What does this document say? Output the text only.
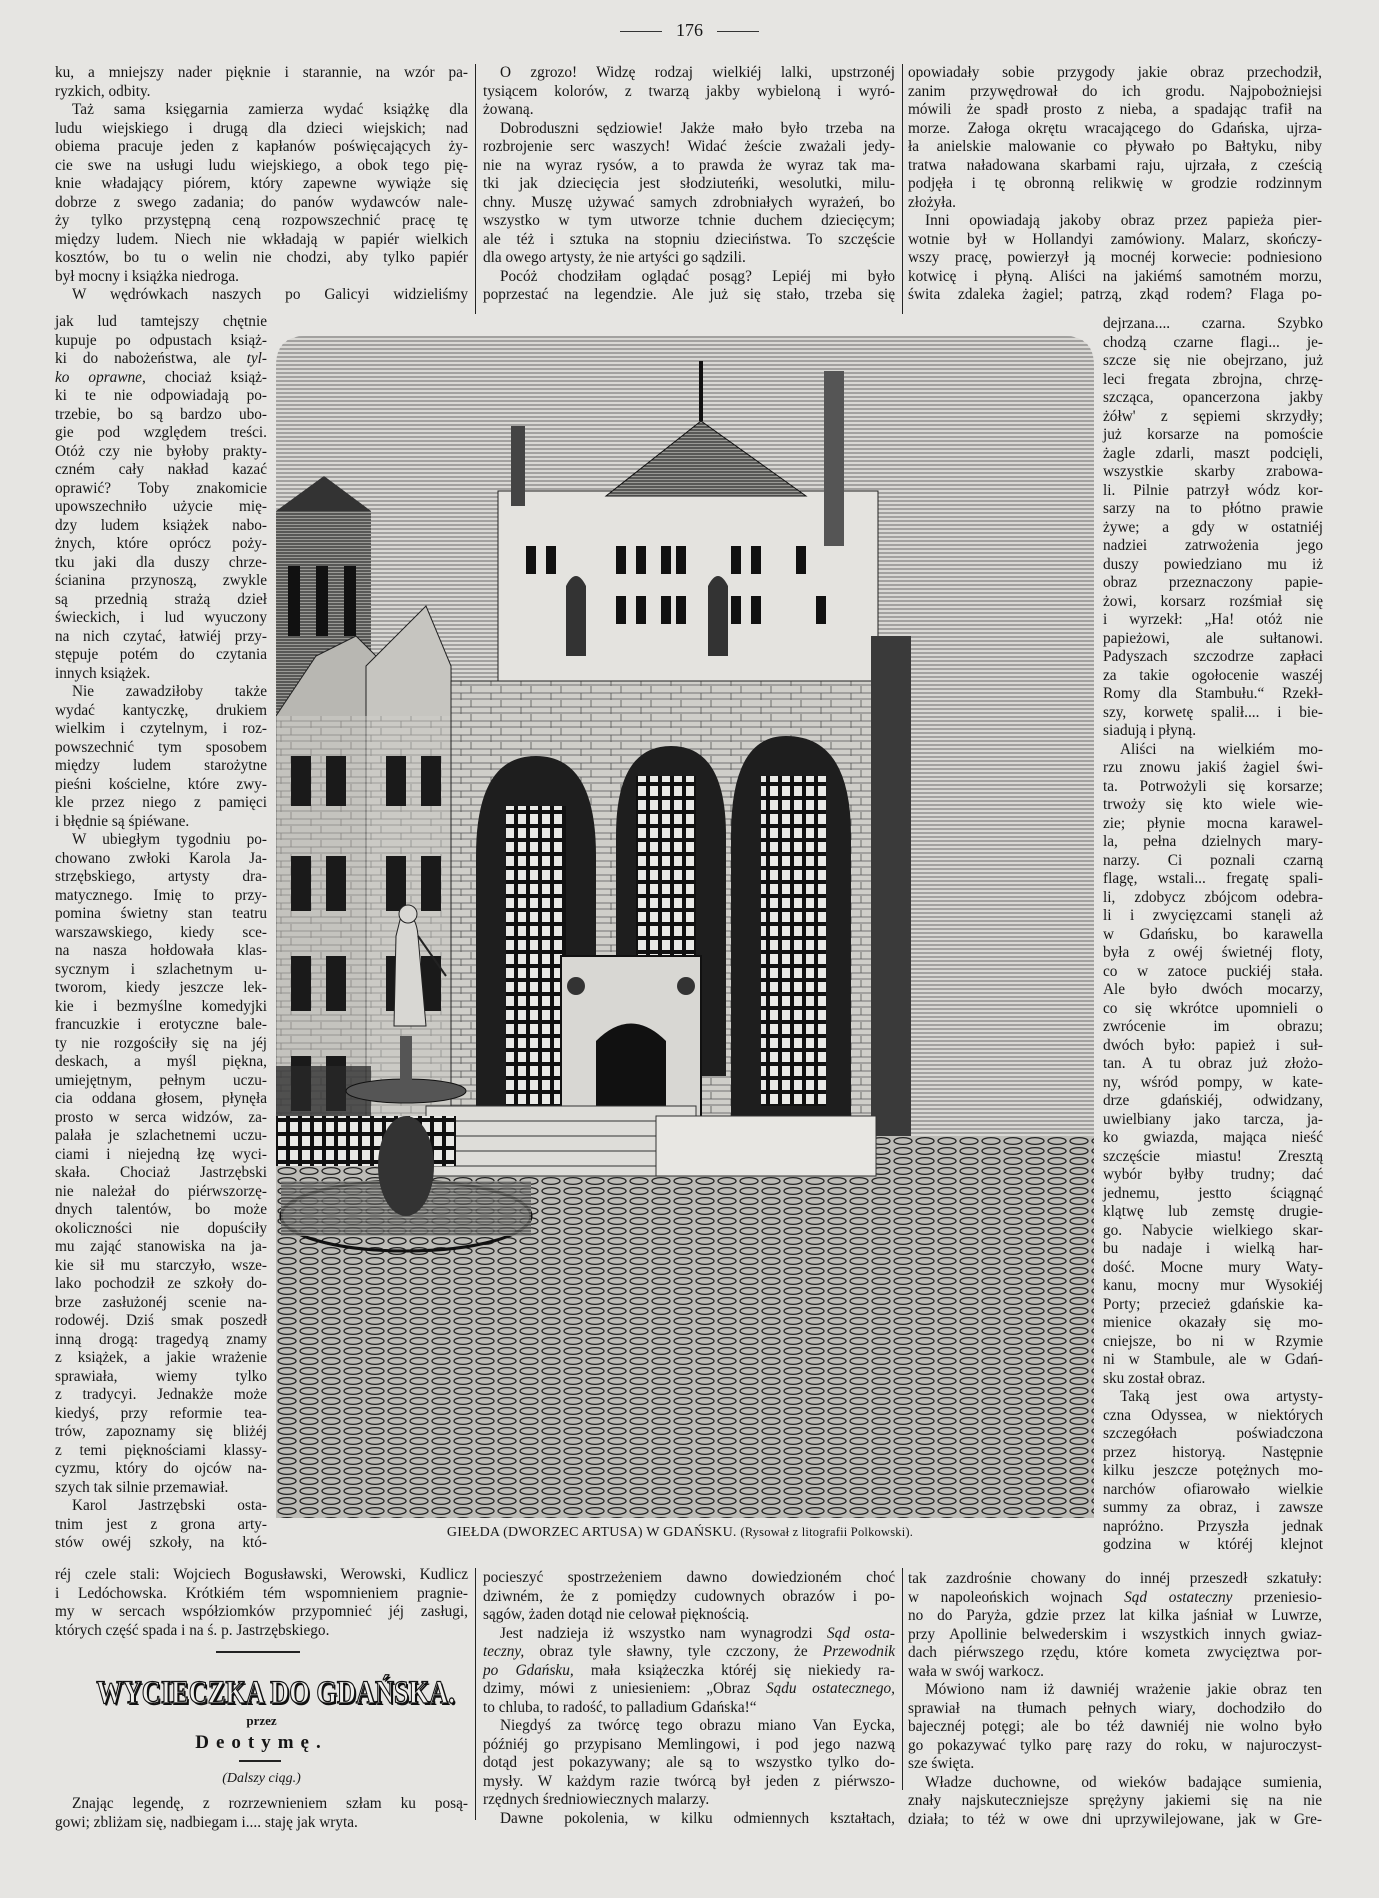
176
ku, a mniejszy nader pięknie i starannie, na wzór pa-
ryzkich, odbity.
Taż sama księgarnia zamierza wydać książkę dla
ludu wiejskiego i drugą dla dzieci wiejskich; nad
obiema pracuje jeden z kapłanów poświęcających ży-
cie swe na usługi ludu wiejskiego, a obok tego pię-
knie władający piórem, który zapewne wywiąże się
dobrze z swego zadania; do panów wydawców nale-
ży tylko przystępną ceną rozpowszechnić pracę tę
między ludem. Niech nie wkładają w papiér wielkich
kosztów, bo tu o welin nie chodzi, aby tylko papiér
był mocny i książka niedroga.
W wędrówkach naszych po Galicyi widzieliśmy
jak lud tamtejszy chętnie
kupuje po odpustach książ-
ki do nabożeństwa, ale tyl-
ko oprawne, chociaż książ-
ki te nie odpowiadają po-
trzebie, bo są bardzo ubo-
gie pod względem treści.
Otóż czy nie byłoby prakty-
czném cały nakład kazać
oprawić? Toby znakomicie
upowszechniło użycie mię-
dzy ludem książek nabo-
żnych, które oprócz poży-
tku jaki dla duszy chrze-
ścianina przynoszą, zwykle
są przednią strażą dzieł
świeckich, i lud wyuczony
na nich czytać, łatwiéj przy-
stępuje potém do czytania
innych książek.
Nie zawadziłoby także
wydać kantyczkę, drukiem
wielkim i czytelnym, i roz-
powszechnić tym sposobem
między ludem starożytne
pieśni kościelne, które zwy-
kle przez niego z pamięci
i błędnie są śpiéwane.
W ubiegłym tygodniu po-
chowano zwłoki Karola Ja-
strzębskiego, artysty dra-
matycznego. Imię to przy-
pomina świetny stan teatru
warszawskiego, kiedy sce-
na nasza hołdowała klas-
sycznym i szlachetnym u-
tworom, kiedy jeszcze lek-
kie i bezmyślne komedyjki
francuzkie i erotyczne bale-
ty nie rozgościły się na jéj
deskach, a myśl piękna,
umiejętnym, pełnym uczu-
cia oddana głosem, płynęła
prosto w serca widzów, za-
palała je szlachetnemi uczu-
ciami i niejedną łzę wyci-
skała. Chociaż Jastrzębski
nie należał do piérwszorzę-
dnych talentów, bo może
okoliczności nie dopuściły
mu zająć stanowiska na ja-
kie sił mu starczyło, wsze-
lako pochodził ze szkoły do-
brze zasłużonéj scenie na-
rodowéj. Dziś smak poszedł
inną drogą: tragedyą znamy
z książek, a jakie wrażenie
sprawiała, wiemy tylko
z tradycyi. Jednakże może
kiedyś, przy reformie tea-
trów, zapoznamy się bliżéj
z temi pięknościami klassy-
cyzmu, który do ojców na-
szych tak silnie przemawiał.
Karol Jastrzębski osta-
tnim jest z grona arty-
stów owéj szkoły, na któ-
réj czele stali: Wojciech Bogusławski, Werowski, Kudlicz
i Ledóchowska. Krótkiém tém wspomnieniem pragnie-
my w sercach współziomków przypomnieć jéj zasługi,
których część spada i na ś. p. Jastrzębskiego.
O zgrozo! Widzę rodzaj wielkiéj lalki, upstrzonéj
tysiącem kolorów, z twarzą jakby wybieloną i wyró-
żowaną.
Dobroduszni sędziowie! Jakże mało było trzeba na
rozbrojenie serc waszych! Widać żeście zważali jedy-
nie na wyraz rysów, a to prawda że wyraz tak ma-
tki jak dziecięcia jest słodziuteńki, wesolutki, milu-
chny. Muszę używać samych zdrobniałych wyrażeń, bo
wszystko w tym utworze tchnie duchem dziecięcym;
ale téż i sztuka na stopniu dzieciństwa. To szczęście
dla owego artysty, że nie artyści go sądzili.
Pocóż chodziłam oglądać posąg? Lepiéj mi było
poprzestać na legendzie. Ale już się stało, trzeba się
pocieszyć spostrzeżeniem dawno dowiedzioném choć
dziwném, że z pomiędzy cudownych obrazów i po-
sągów, żaden dotąd nie celował pięknością.
Jest nadzieja iż wszystko nam wynagrodzi Sąd osta-
teczny, obraz tyle sławny, tyle czczony, że Przewodnik
po Gdańsku, mała książeczka któréj się niekiedy ra-
dzimy, mówi z uniesieniem: „Obraz Sądu ostatecznego,
to chluba, to radość, to palladium Gdańska!“
Niegdyś za twórcę tego obrazu miano Van Eycka,
późniéj go przypisano Memlingowi, i pod jego nazwą
dotąd jest pokazywany; ale są to wszystko tylko do-
mysły. W każdym razie twórcą był jeden z piérwszo-
rzędnych średniowiecznych malarzy.
Dawne pokolenia, w kilku odmiennych kształtach,
opowiadały sobie przygody jakie obraz przechodził,
zanim przywędrował do ich grodu. Najpobożniejsi
mówili że spadł prosto z nieba, a spadając trafił na
morze. Załoga okrętu wracającego do Gdańska, ujrza-
ła anielskie malowanie co pływało po Bałtyku, niby
tratwa naładowana skarbami raju, ujrzała, z cześcią
podjęła i tę obronną relikwię w grodzie rodzinnym
złożyła.
Inni opowiadają jakoby obraz przez papieża pier-
wotnie był w Hollandyi zamówiony. Malarz, skończy-
wszy pracę, powierzył ją mocnéj korwecie: podniesiono
kotwicę i płyną. Aliści na jakiémś samotném morzu,
świta zdaleka żagiel; patrzą, zkąd rodem? Flaga po-
dejrzana.... czarna. Szybko
chodzą czarne flagi... je-
szcze się nie obejrzano, już
leci fregata zbrojna, chrzę-
szcząca, opancerzona jakby
żółw' z sępiemi skrzydły;
już korsarze na pomoście
żagle zdarli, maszt podcięli,
wszystkie skarby zrabowa-
li. Pilnie patrzył wódz kor-
sarzy na to płótno prawie
żywe; a gdy w ostatniéj
nadziei zatrwożenia jego
duszy powiedziano mu iż
obraz przeznaczony papie-
żowi, korsarz rozśmiał się
i wyrzekł: „Ha! otóż nie
papieżowi, ale sułtanowi.
Padyszach szczodrze zapłaci
za takie ogołocenie waszéj
Romy dla Stambułu.“ Rzekł-
szy, korwetę spalił.... i bie-
siadują i płyną.
Aliści na wielkiém mo-
rzu znowu jakiś żagiel świ-
ta. Potrwożyli się korsarze;
trwoży się kto wiele wie-
zie; płynie mocna karawel-
la, pełna dzielnych mary-
narzy. Ci poznali czarną
flagę, wstali... fregatę spali-
li, zdobycz zbójcom odebra-
li i zwycięzcami stanęli aż
w Gdańsku, bo karawella
była z owéj świetnéj floty,
co w zatoce puckiéj stała.
Ale było dwóch mocarzy,
co się wkrótce upomnieli o
zwrócenie im obrazu;
dwóch było: papież i suł-
tan. A tu obraz już złożo-
ny, wśród pompy, w kate-
drze gdańskiéj, odwidzany,
uwielbiany jako tarcza, ja-
ko gwiazda, mająca nieść
szczęście miastu! Zresztą
wybór byłby trudny; dać
jednemu, jestto ściągnąć
klątwę lub zemstę drugie-
go. Nabycie wielkiego skar-
bu nadaje i wielką har-
dość. Mocne mury Waty-
kanu, mocny mur Wysokiéj
Porty; przecież gdańskie ka-
mienice okazały się mo-
cniejsze, bo ni w Rzymie
ni w Stambule, ale w Gdań-
sku został obraz.
Taką jest owa artysty-
czna Odyssea, w niektórych
szczegółach poświadczona
przez historyą. Następnie
kilku jeszcze potężnych mo-
narchów ofiarowało wielkie
summy za obraz, i zawsze
napróżno. Przyszła jednak
godzina w któréj klejnot
tak zazdrośnie chowany do innéj przeszedł szkatuły:
w napoleońskich wojnach Sąd ostateczny przeniesio-
no do Paryża, gdzie przez lat kilka jaśniał w Luwrze,
przy Apollinie belwederskim i wszystkich innych gwiaz-
dach piérwszego rzędu, które kometa zwycięztwa por-
wała w swój warkocz.
Mówiono nam iż dawniéj wrażenie jakie obraz ten
sprawiał na tłumach pełnych wiary, dochodziło do
bajecznéj potęgi; ale bo téż dawniéj nie wolno było
go pokazywać tylko parę razy do roku, w najuroczyst-
sze święta.
Władze duchowne, od wieków badające sumienia,
znały najskuteczniejsze sprężyny jakiemi się na nie
działa; to téż w owe dni uprzywilejowane, jak w Gre-
Znając legendę, z rozrzewnieniem szłam ku posą-
gowi; zbliżam się, nadbiegam i.... staję jak wryta.
WYCIECZKA DO GDAŃSKA.
przez
Deotymę.
(Dalszy ciąg.)
GIEŁDA (DWORZEC ARTUSA) W GDAŃSKU. (Rysował z litografii Polkowski).
